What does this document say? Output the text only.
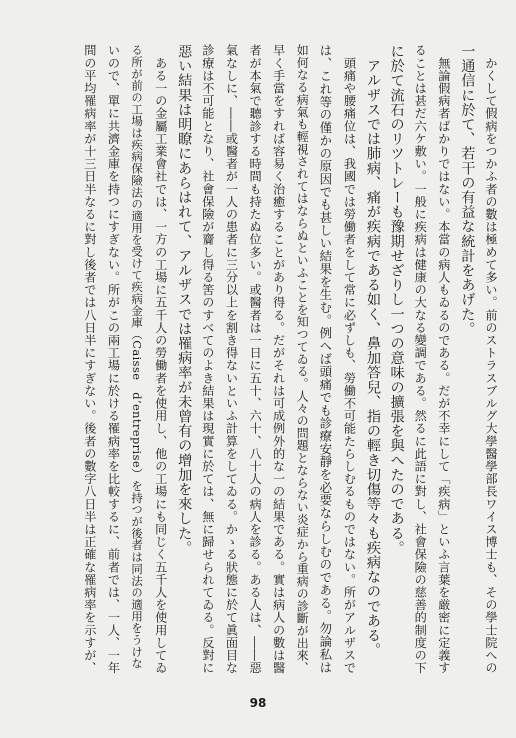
　かくして假病をつかふ者の數は極めて多い。前のストラスブルグ大學醫學部長ワイス博士も、その學士院への
一通信に於て、若干の有益な統計をあげた。
　無論假病者ばかりではない。本當の病人もゐるのである。だが不幸にして「疾病」といふ言葉を厳密に定義す
ることは甚だ六ケ敷い。一般に疾病は健康の大なる變調である。然るに此語に對し、社會保險の慈善的制度の下
に於て流石のリツトレーも豫期せざりし一つの意味の擴張を與へたのである。
　アルザスでは肺病、痛が疾病である如く、鼻加答兒、指の輕き切傷等々も疾病なのである。
　頭痛や腰痛位は、我國では勞働者をして常に必ずしも、勞働不可能たらしむるものではない。所がアルザスで
は、これ等の僅かの原因でも甚しい結果を生む。例へば頭痛でも診療安靜を必要ならしむのである。勿論私は
如何なる病氣も輕視されてはならぬといふことを知つてゐる。人々の問題とならない炎症から重病の診斷が出來、
早く手當をすれば容易く治癒することがあり得る。だがそれは可成例外的な一の結果である。實は病人の數は醫
者が本氣で聽診する時間も持たぬ位多い。或醫者は一日に五十、六十、八十人の病人を診る。ある人は、――惡
氣なしに、――或醫者が一人の患者に三分以上を割き得ないといふ計算をしてゐる。かゝる狀態に於て眞面目な
診療は不可能となり、社會保險が齎し得る筈のすべてのよき結果は現實に於ては、無に歸せられてゐる。反對に
惡い結果は明瞭にあらはれて、アルザスでは罹病率が未曾有の增加を來した。
　ある一の金屬工業會社では、一方の工場に五千人の勞働者を使用し、他の工場にも同じく五千人を使用してゐ
る所が前の工場は疾病保險法の適用を受けて疾病金庫（Caisse　d’entreprise）を持つが後者は同法の適用をうけな
いので、單に共濟金庫を持つにすぎない。所がこの兩工場に於ける罹病率を比較するに、前者では、一人、一年
間の平均罹病率が十三日半なるに對し後者では八日半にすぎない。後者の數字八日半は正確な罹病率を示すが、
98
